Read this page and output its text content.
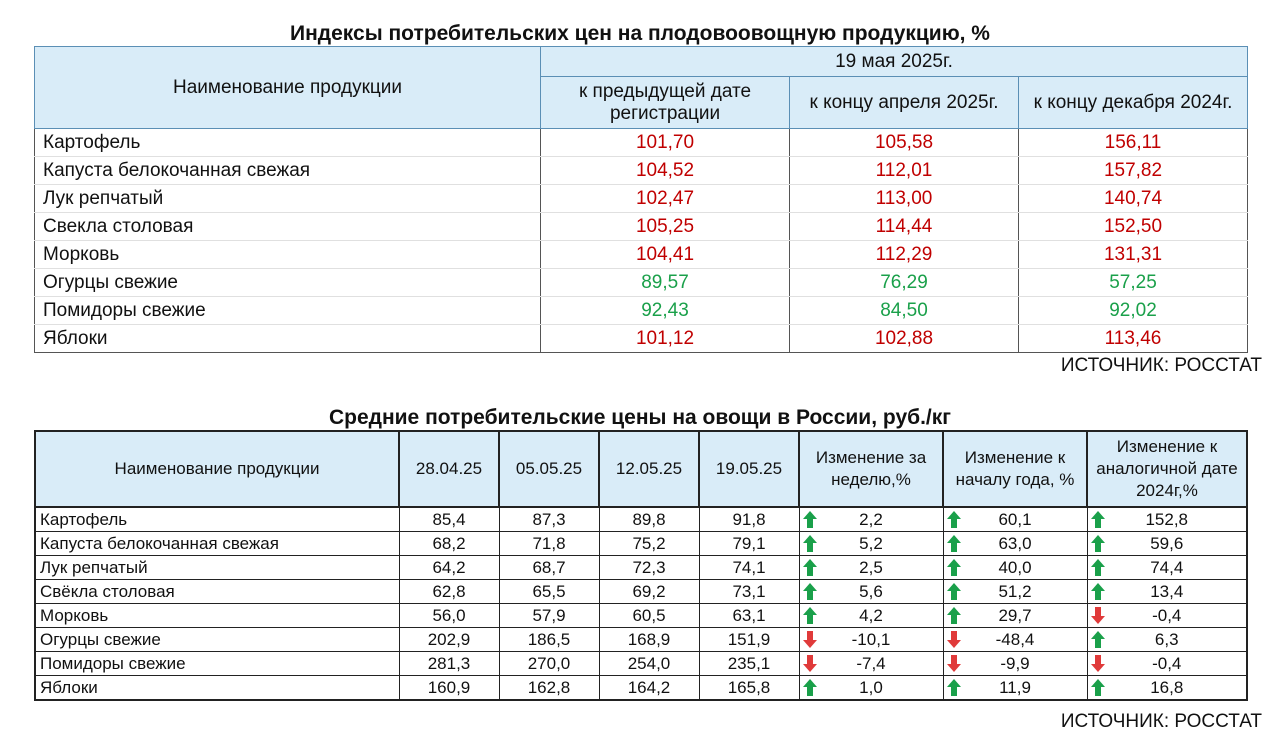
Индексы потребительских цен на плодовоовощную продукцию, %
Наименование продукции	19 мая 2025г.		
	к предыдущей дате регистрации	к концу апреля 2025г.	к концу декабря 2024г.
Картофель	101,70	105,58	156,11
Капуста белокочанная свежая	104,52	112,01	157,82
Лук репчатый	102,47	113,00	140,74
Свекла столовая	105,25	114,44	152,50
Морковь	104,41	112,29	131,31
Огурцы свежие	89,57	76,29	57,25
Помидоры свежие	92,43	84,50	92,02
Яблоки	101,12	102,88	113,46
ИСТОЧНИК: РОССТАТ
Средние потребительские цены на овощи в России, руб./кг
Наименование продукции	28.04.25	05.05.25	12.05.25	19.05.25	Изменение за неделю,%	Изменение к началу года, %	Изменение к аналогичной дате 2024г,%
Картофель	85,4	87,3	89,8	91,8	2,2	60,1	152,8
Капуста белокочанная свежая	68,2	71,8	75,2	79,1	5,2	63,0	59,6
Лук репчатый	64,2	68,7	72,3	74,1	2,5	40,0	74,4
Свёкла столовая	62,8	65,5	69,2	73,1	5,6	51,2	13,4
Морковь	56,0	57,9	60,5	63,1	4,2	29,7	-0,4
Огурцы свежие	202,9	186,5	168,9	151,9	-10,1	-48,4	6,3
Помидоры свежие	281,3	270,0	254,0	235,1	-7,4	-9,9	-0,4
Яблоки	160,9	162,8	164,2	165,8	1,0	11,9	16,8
ИСТОЧНИК: РОССТАТ
